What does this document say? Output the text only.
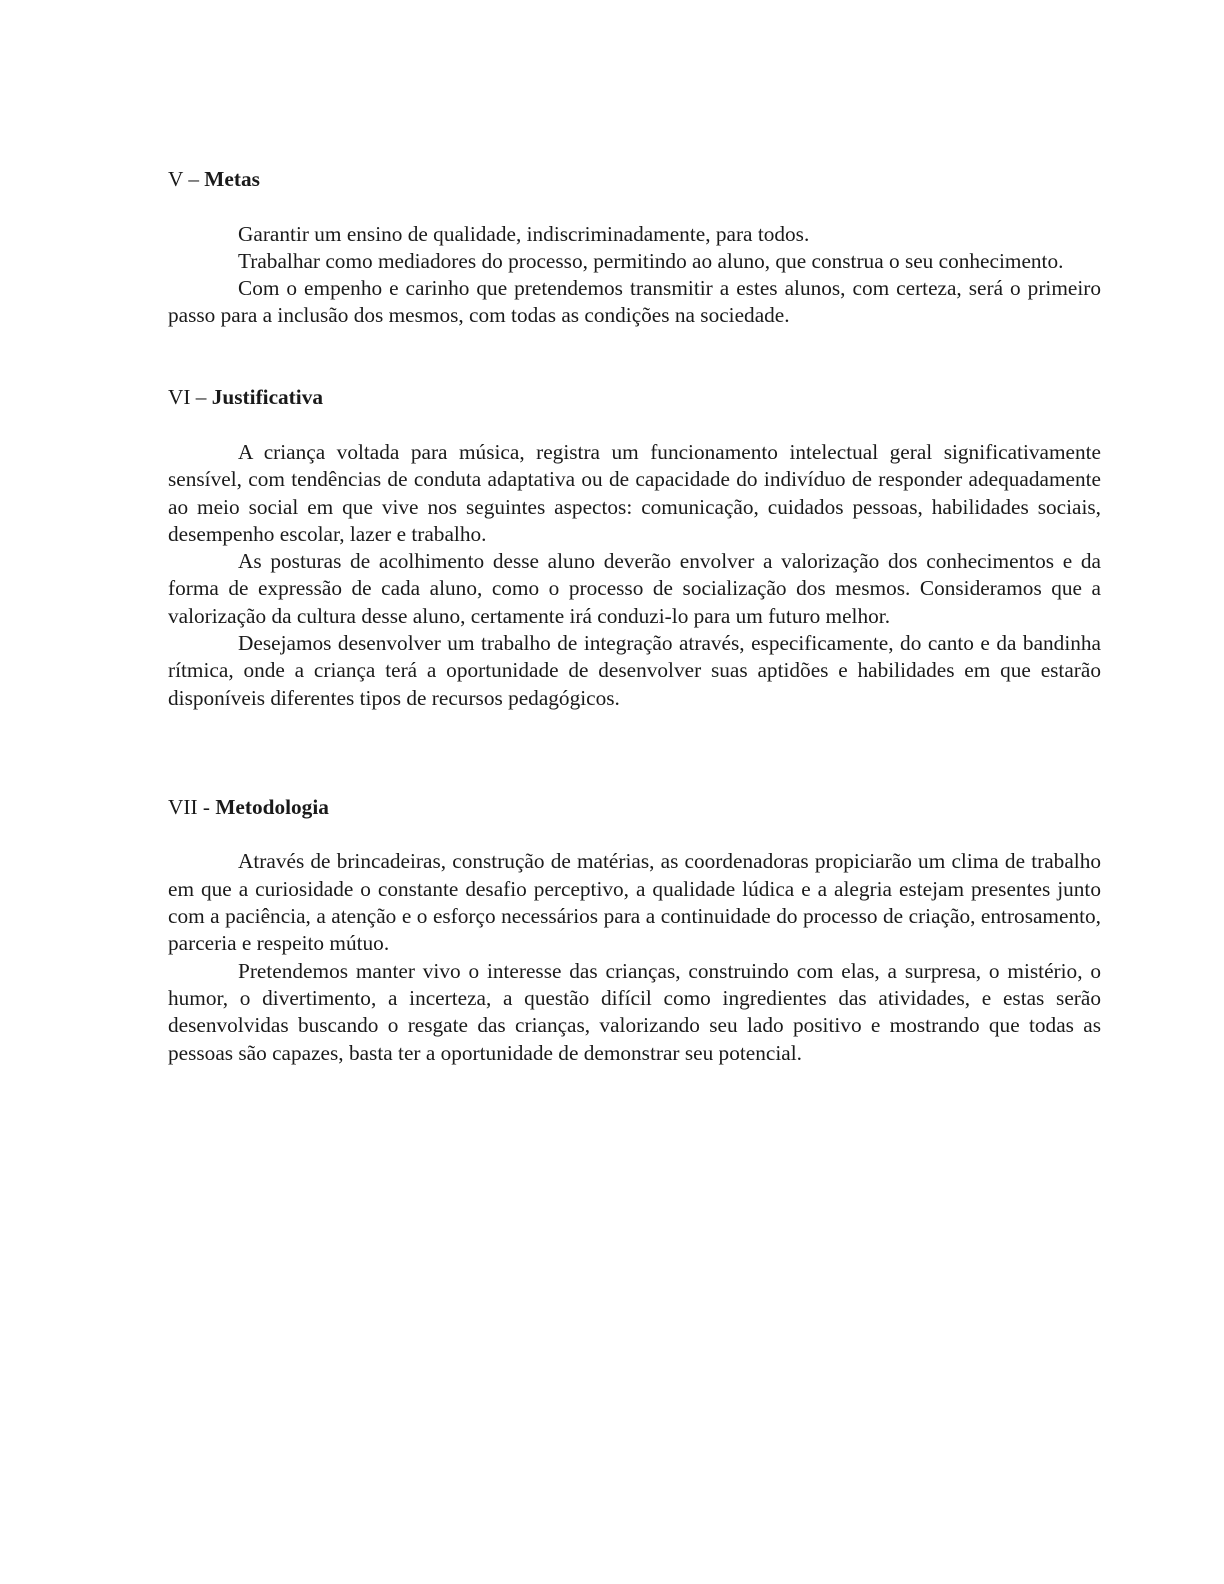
V – Metas

Garantir um ensino de qualidade, indiscriminadamente, para todos.

Trabalhar como mediadores do processo, permitindo ao aluno, que construa o seu conhecimento.

Com o empenho e carinho que pretendemos transmitir a estes alunos, com certeza, será o primeiro passo para a inclusão dos mesmos, com todas as condições na sociedade.

VI – Justificativa

A criança voltada para música, registra um funcionamento intelectual geral significativamente sensível, com tendências de conduta adaptativa ou de capacidade do indivíduo de responder adequadamente ao meio social em que vive nos seguintes aspectos: comunicação, cuidados pessoas, habilidades sociais, desempenho escolar, lazer e trabalho.

As posturas de acolhimento desse aluno deverão envolver a valorização dos conhecimentos e da forma de expressão de cada aluno, como o processo de socialização dos mesmos. Consideramos que a valorização da cultura desse aluno, certamente irá conduzi-lo para um futuro melhor.

Desejamos desenvolver um trabalho de integração através, especificamente, do canto e da bandinha rítmica, onde a criança terá a oportunidade de desenvolver suas aptidões e habilidades em que estarão disponíveis diferentes tipos de recursos pedagógicos.

VII - Metodologia

Através de brincadeiras, construção de matérias, as coordenadoras propiciarão um clima de trabalho em que a curiosidade o constante desafio perceptivo, a qualidade lúdica e a alegria estejam presentes junto com a paciência, a atenção e o esforço necessários para a continuidade do processo de criação, entrosamento, parceria e respeito mútuo.

Pretendemos manter vivo o interesse das crianças, construindo com elas, a surpresa, o mistério, o humor, o divertimento, a incerteza, a questão difícil como ingredientes das atividades, e estas serão desenvolvidas buscando o resgate das crianças, valorizando seu lado positivo e mostrando que todas as pessoas são capazes, basta ter a oportunidade de demonstrar seu potencial.
